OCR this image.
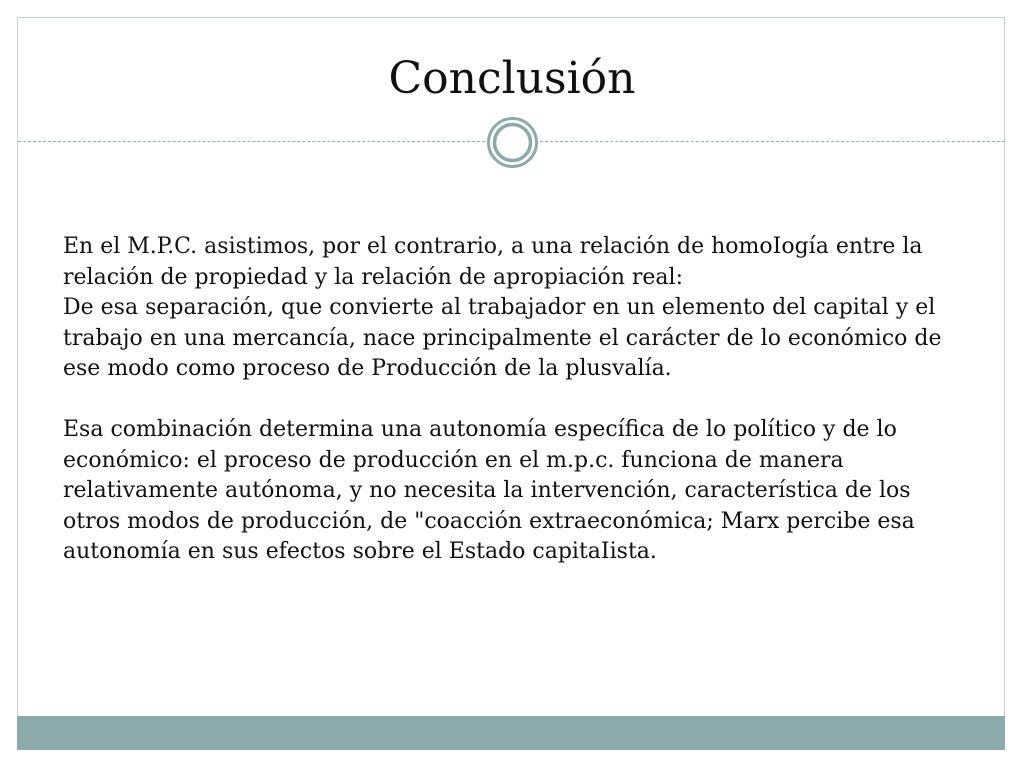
Conclusión

En el M.P.C. asistimos, por el contrario, a una relación de homoIogía entre la relación de propiedad y la relación de apropiación real:

De esa separación, que convierte al trabajador en un elemento del capital y el trabajo en una mercancía, nace principalmente el carácter de lo económico de ese modo como proceso de Producción de la plusvalía.

Esa combinación determina una autonomía específica de lo político y de lo económico: el proceso de producción en el m.p.c. funciona de manera relativamente autónoma, y no necesita la intervención, característica de los otros modos de producción, de "coacción extraeconómica; Marx percibe esa autonomía en sus efectos sobre el Estado capitaIista.
